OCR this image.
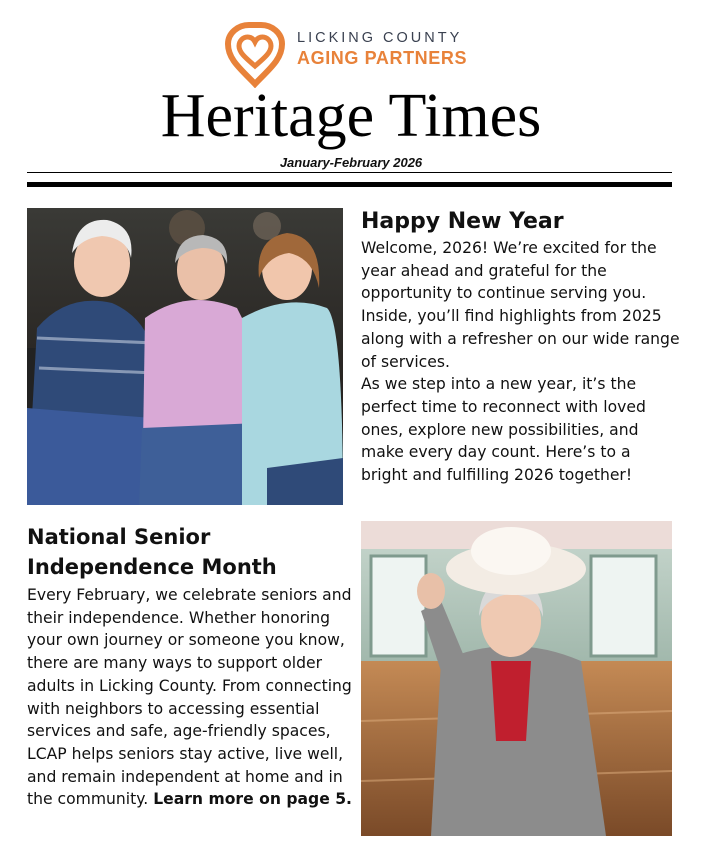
LICKING COUNTY
AGING PARTNERS
Heritage Times
January-February 2026
Happy New Year

Welcome, 2026! We’re excited for the year ahead and grateful for the opportunity to continue serving you. Inside, you’ll find highlights from 2025 along with a refresher on our wide range of services.

As we step into a new year, it’s the perfect time to reconnect with loved ones, explore new possibilities, and make every day count. Here’s to a bright and fulfilling 2026 together!

National Senior Independence Month

Every February, we celebrate seniors and their independence. Whether honoring your own journey or someone you know, there are many ways to support older adults in Licking County. From connecting with neighbors to accessing essential services and safe, age-friendly spaces, LCAP helps seniors stay active, live well, and remain independent at home and in the community. Learn more on page 5.
